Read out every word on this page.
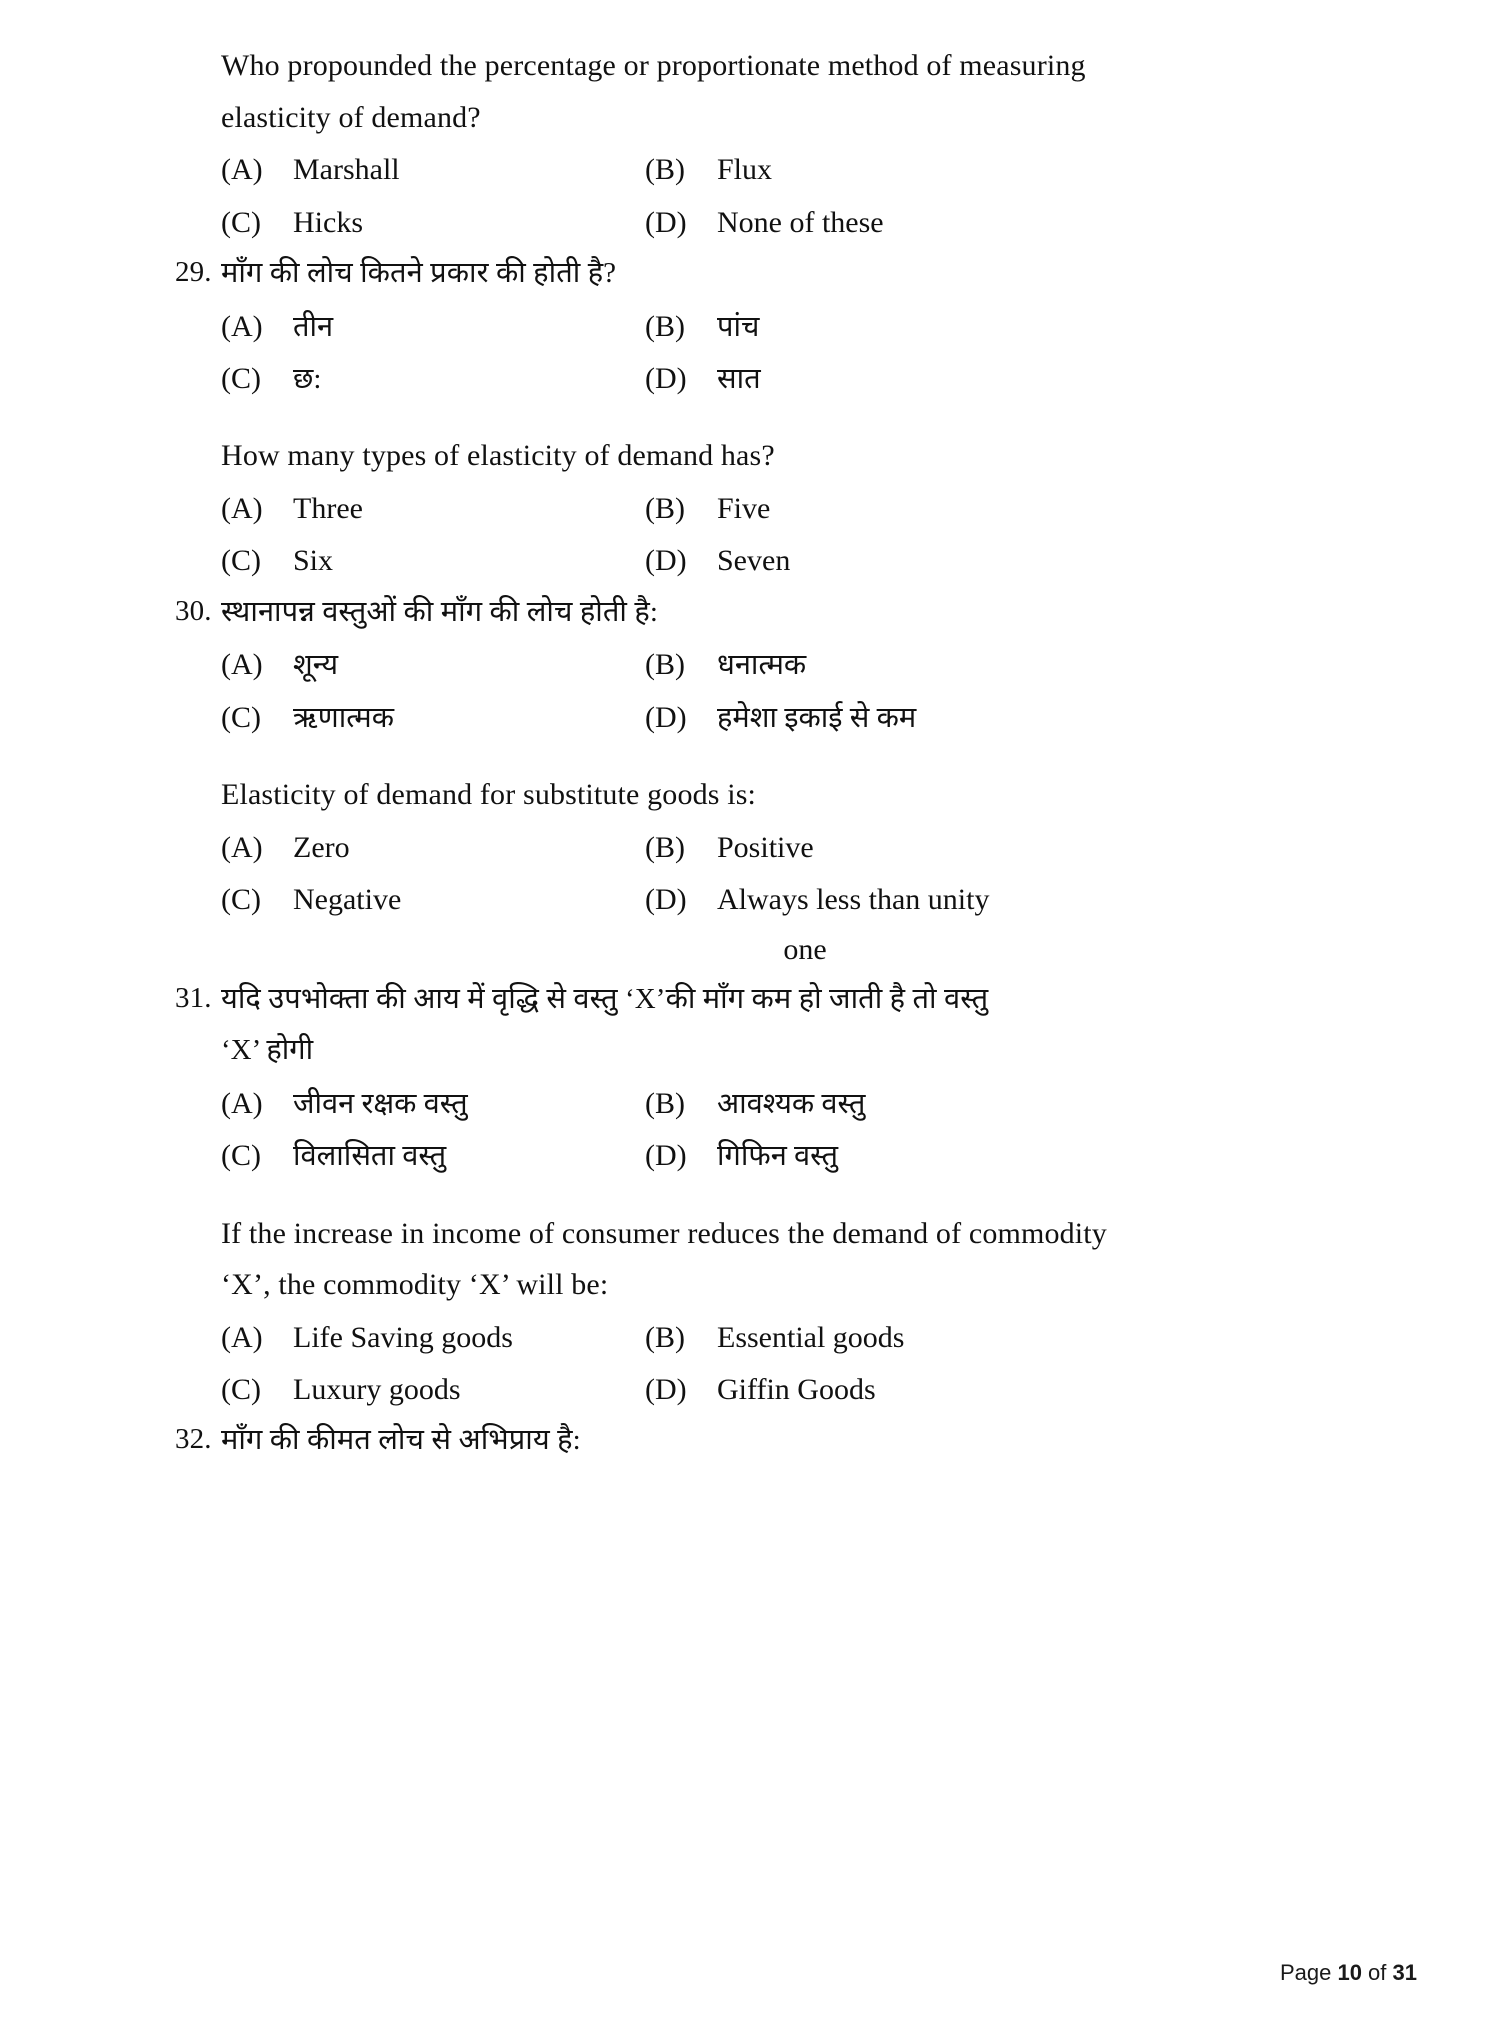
Who propounded the percentage or proportionate method of measuring
elasticity of demand?
(A)	Marshall	(B)	Flux
(C)	Hicks	(D)	None of these
29. माँग की लोच कितने प्रकार की होती है?
(A)	तीन	(B)	पांच
(C)	छ:	(D)	सात
How many types of elasticity of demand has?
(A)	Three	(B)	Five
(C)	Six	(D)	Seven
30. स्थानापन्न वस्तुओं की माँग की लोच होती है:
(A)	शून्य	(B)	धनात्मक
(C)	ऋणात्मक	(D)	हमेशा इकाई से कम
Elasticity of demand for substitute goods is:
(A)	Zero	(B)	Positive
(C)	Negative	(D)	Always less than unity
one
31. यदि उपभोक्ता की आय में वृद्धि से वस्तु ‘X’की माँग कम हो जाती है तो वस्तु
‘X’ होगी
(A)	जीवन रक्षक वस्तु	(B)	आवश्यक वस्तु
(C)	विलासिता वस्तु	(D)	गिफिन वस्तु
If the increase in income of consumer reduces the demand of commodity
‘X’, the commodity ‘X’ will be:
(A)	Life Saving goods	(B)	Essential goods
(C)	Luxury goods	(D)	Giffin Goods
32. माँग की कीमत लोच से अभिप्राय है:
Page 10 of 31
